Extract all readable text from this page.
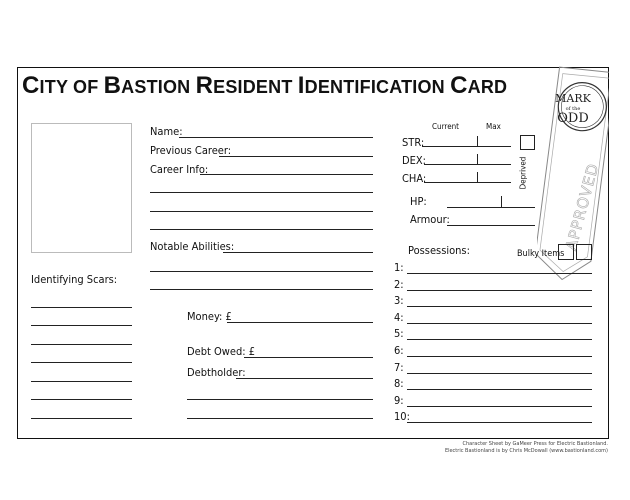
CITY OF BASTION RESIDENT IDENTIFICATION CARD
MARK
of the
ODD
APPROVED
Name:
Previous Career:
Career Info:
Notable Abilities:
Identifying Scars:
Money: £
Debt Owed: £
Debtholder:
Current	Max
STR:
DEX:
CHA:	Deprived
HP:
Armour:
Possessions:	Bulky Items
1:
2:
3:
4:
5:
6:
7:
8:
9:
10:
Character Sheet by GaMeer Press for Electric Bastionland.
Electric Bastionland is by Chris McDowall (www.bastionland.com)
